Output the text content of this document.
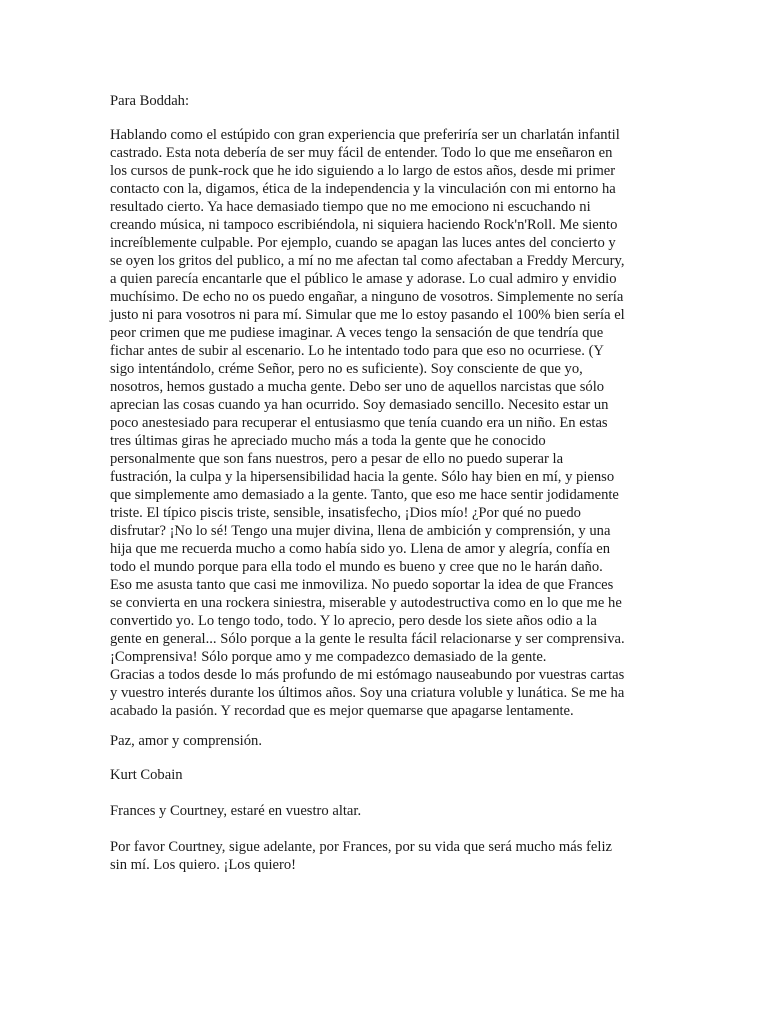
Para Boddah:

Hablando como el estúpido con gran experiencia que preferiría ser un charlatán infantil
castrado. Esta nota debería de ser muy fácil de entender. Todo lo que me enseñaron en
los cursos de punk-rock que he ido siguiendo a lo largo de estos años, desde mi primer
contacto con la, digamos, ética de la independencia y la vinculación con mi entorno ha
resultado cierto. Ya hace demasiado tiempo que no me emociono ni escuchando ni
creando música, ni tampoco escribiéndola, ni siquiera haciendo Rock'n'Roll. Me siento
increíblemente culpable. Por ejemplo, cuando se apagan las luces antes del concierto y
se oyen los gritos del publico, a mí no me afectan tal como afectaban a Freddy Mercury,
a quien parecía encantarle que el público le amase y adorase. Lo cual admiro y envidio
muchísimo. De echo no os puedo engañar, a ninguno de vosotros. Simplemente no sería
justo ni para vosotros ni para mí. Simular que me lo estoy pasando el 100% bien sería el
peor crimen que me pudiese imaginar. A veces tengo la sensación de que tendría que
fichar antes de subir al escenario. Lo he intentado todo para que eso no ocurriese. (Y
sigo intentándolo, créme Señor, pero no es suficiente). Soy consciente de que yo,
nosotros, hemos gustado a mucha gente. Debo ser uno de aquellos narcistas que sólo
aprecian las cosas cuando ya han ocurrido. Soy demasiado sencillo. Necesito estar un
poco anestesiado para recuperar el entusiasmo que tenía cuando era un niño. En estas
tres últimas giras he apreciado mucho más a toda la gente que he conocido
personalmente que son fans nuestros, pero a pesar de ello no puedo superar la
fustración, la culpa y la hipersensibilidad hacia la gente. Sólo hay bien en mí, y pienso
que simplemente amo demasiado a la gente. Tanto, que eso me hace sentir jodidamente
triste. El típico piscis triste, sensible, insatisfecho, ¡Dios mío! ¿Por qué no puedo
disfrutar? ¡No lo sé! Tengo una mujer divina, llena de ambición y comprensión, y una
hija que me recuerda mucho a como había sido yo. Llena de amor y alegría, confía en
todo el mundo porque para ella todo el mundo es bueno y cree que no le harán daño.
Eso me asusta tanto que casi me inmoviliza. No puedo soportar la idea de que Frances
se convierta en una rockera siniestra, miserable y autodestructiva como en lo que me he
convertido yo. Lo tengo todo, todo. Y lo aprecio, pero desde los siete años odio a la
gente en general... Sólo porque a la gente le resulta fácil relacionarse y ser comprensiva.
¡Comprensiva! Sólo porque amo y me compadezco demasiado de la gente.
Gracias a todos desde lo más profundo de mi estómago nauseabundo por vuestras cartas
y vuestro interés durante los últimos años. Soy una criatura voluble y lunática. Se me ha
acabado la pasión. Y recordad que es mejor quemarse que apagarse lentamente.

Paz, amor y comprensión.

Kurt Cobain

Frances y Courtney, estaré en vuestro altar.

Por favor Courtney, sigue adelante, por Frances, por su vida que será mucho más feliz
sin mí. Los quiero. ¡Los quiero!
